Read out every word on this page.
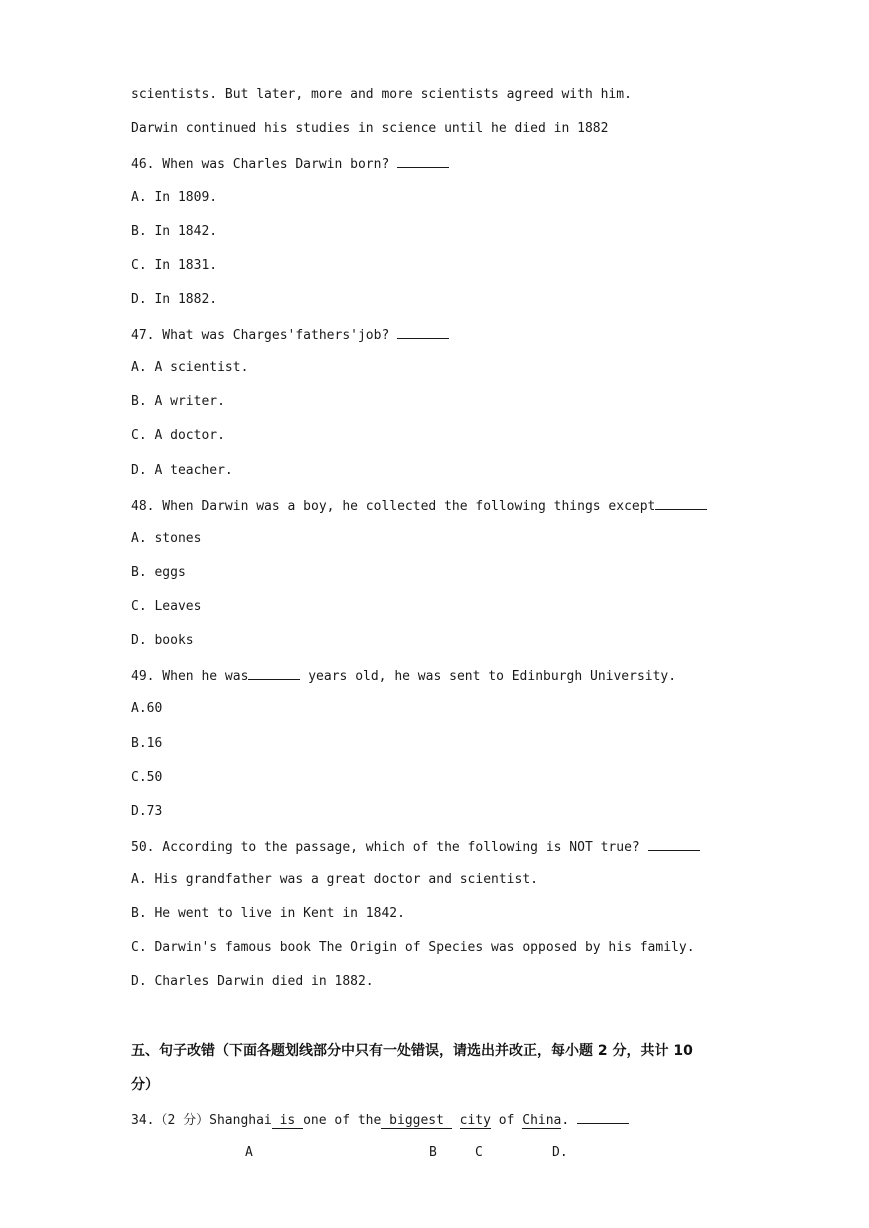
scientists. But later, more and more scientists agreed with him.
Darwin continued his studies in science until he died in 1882
46. When was Charles Darwin born?
A. In 1809.
B. In 1842.
C. In 1831.
D. In 1882.
47. What was Charges'fathers'job?
A. A scientist.
B. A writer.
C. A doctor.
D. A teacher.
48. When Darwin was a boy, he collected the following things except
A. stones
B. eggs
C. Leaves
D. books
49. When he was	years old, he was sent to Edinburgh University.
A.60
B.16
C.50
D.73
50. According to the passage, which of the following is NOT true?
A. His grandfather was a great doctor and scientist.
B. He went to live in Kent in 1842.
C. Darwin's famous book The Origin of Species was opposed by his family.
D. Charles Darwin died in 1882.
五、句子改错（下面各题划线部分中只有一处错误，请选出并改正，每小题 2 分，共计 10
分）
34.（2 分）Shanghai is one of the biggest  city of China.
A	B	C	D.
